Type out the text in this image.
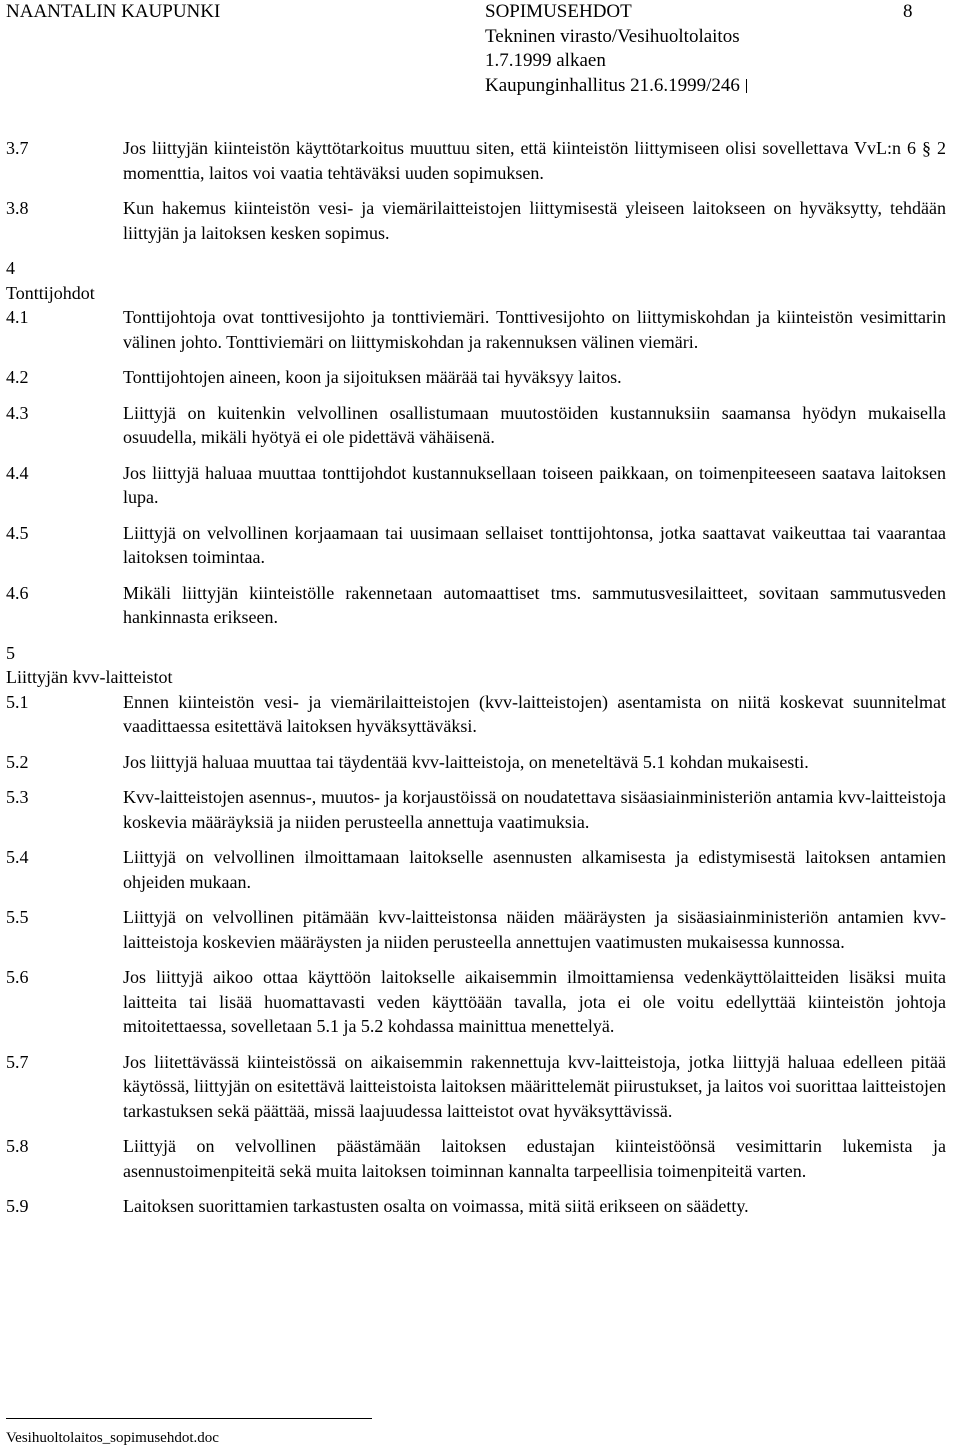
NAANTALIN KAUPUNKI	SOPIMUSEHDOT	8
Tekninen virasto/Vesihuoltolaitos
1.7.1999 alkaen
Kaupunginhallitus 21.6.1999/246
3.7	Jos liittyjän kiinteistön käyttötarkoitus muuttuu siten, että kiinteistön liittymiseen olisi sovellettava VvL:n 6 § 2 momenttia, laitos voi vaatia tehtäväksi uuden sopimuksen.
3.8	Kun hakemus kiinteistön vesi- ja viemärilaitteistojen liittymisestä yleiseen laitokseen on hyväksytty, tehdään liittyjän ja laitoksen kesken sopimus.
4
Tonttijohdot
4.1	Tonttijohtoja ovat tonttivesijohto ja tonttiviemäri. Tonttivesijohto on liittymiskohdan ja kiinteistön vesimittarin välinen johto. Tonttiviemäri on liittymiskohdan ja rakennuksen välinen viemäri.
4.2	Tonttijohtojen aineen, koon ja sijoituksen määrää tai hyväksyy laitos.
4.3	Liittyjä on kuitenkin velvollinen osallistumaan muutostöiden kustannuksiin saamansa hyödyn mukaisella osuudella, mikäli hyötyä ei ole pidettävä vähäisenä.
4.4	Jos liittyjä haluaa muuttaa tonttijohdot kustannuksellaan toiseen paikkaan, on toimenpiteeseen saatava laitoksen lupa.
4.5	Liittyjä on velvollinen korjaamaan tai uusimaan sellaiset tonttijohtonsa, jotka saattavat vaikeuttaa tai vaarantaa laitoksen toimintaa.
4.6	Mikäli liittyjän kiinteistölle rakennetaan automaattiset tms. sammutusvesilaitteet, sovitaan sammutusveden hankinnasta erikseen.
5
Liittyjän kvv-laitteistot
5.1	Ennen kiinteistön vesi- ja viemärilaitteistojen (kvv-laitteistojen) asentamista on niitä koskevat suunnitelmat vaadittaessa esitettävä laitoksen hyväksyttäväksi.
5.2	Jos liittyjä haluaa muuttaa tai täydentää kvv-laitteistoja, on meneteltävä 5.1 kohdan mukaisesti.
5.3	Kvv-laitteistojen asennus-, muutos- ja korjaustöissä on noudatettava sisäasiainministeriön antamia kvv-laitteistoja koskevia määräyksiä ja niiden perusteella annettuja vaatimuksia.
5.4	Liittyjä on velvollinen ilmoittamaan laitokselle asennusten alkamisesta ja edistymisestä laitoksen antamien ohjeiden mukaan.
5.5	Liittyjä on velvollinen pitämään kvv-laitteistonsa näiden määräysten ja sisäasiainministeriön antamien kvv-laitteistoja koskevien määräysten ja niiden perusteella annettujen vaatimusten mukaisessa kunnossa.
5.6	Jos liittyjä aikoo ottaa käyttöön laitokselle aikaisemmin ilmoittamiensa vedenkäyttölaitteiden lisäksi muita laitteita tai lisää huomattavasti veden käyttöään tavalla, jota ei ole voitu edellyttää kiinteistön johtoja mitoitettaessa, sovelletaan 5.1 ja 5.2 kohdassa mainittua menettelyä.
5.7	Jos liitettävässä kiinteistössä on aikaisemmin rakennettuja kvv-laitteistoja, jotka liittyjä haluaa edelleen pitää käytössä, liittyjän on esitettävä laitteistoista laitoksen määrittelemät piirustukset, ja laitos voi suorittaa laitteistojen tarkastuksen sekä päättää, missä laajuudessa laitteistot ovat hyväksyttävissä.
5.8	Liittyjä on velvollinen päästämään laitoksen edustajan kiinteistöönsä vesimittarin lukemista ja asennustoimenpiteitä sekä muita laitoksen toiminnan kannalta tarpeellisia toimenpiteitä varten.
5.9	Laitoksen suorittamien tarkastusten osalta on voimassa, mitä siitä erikseen on säädetty.
Vesihuoltolaitos_sopimusehdot.doc
